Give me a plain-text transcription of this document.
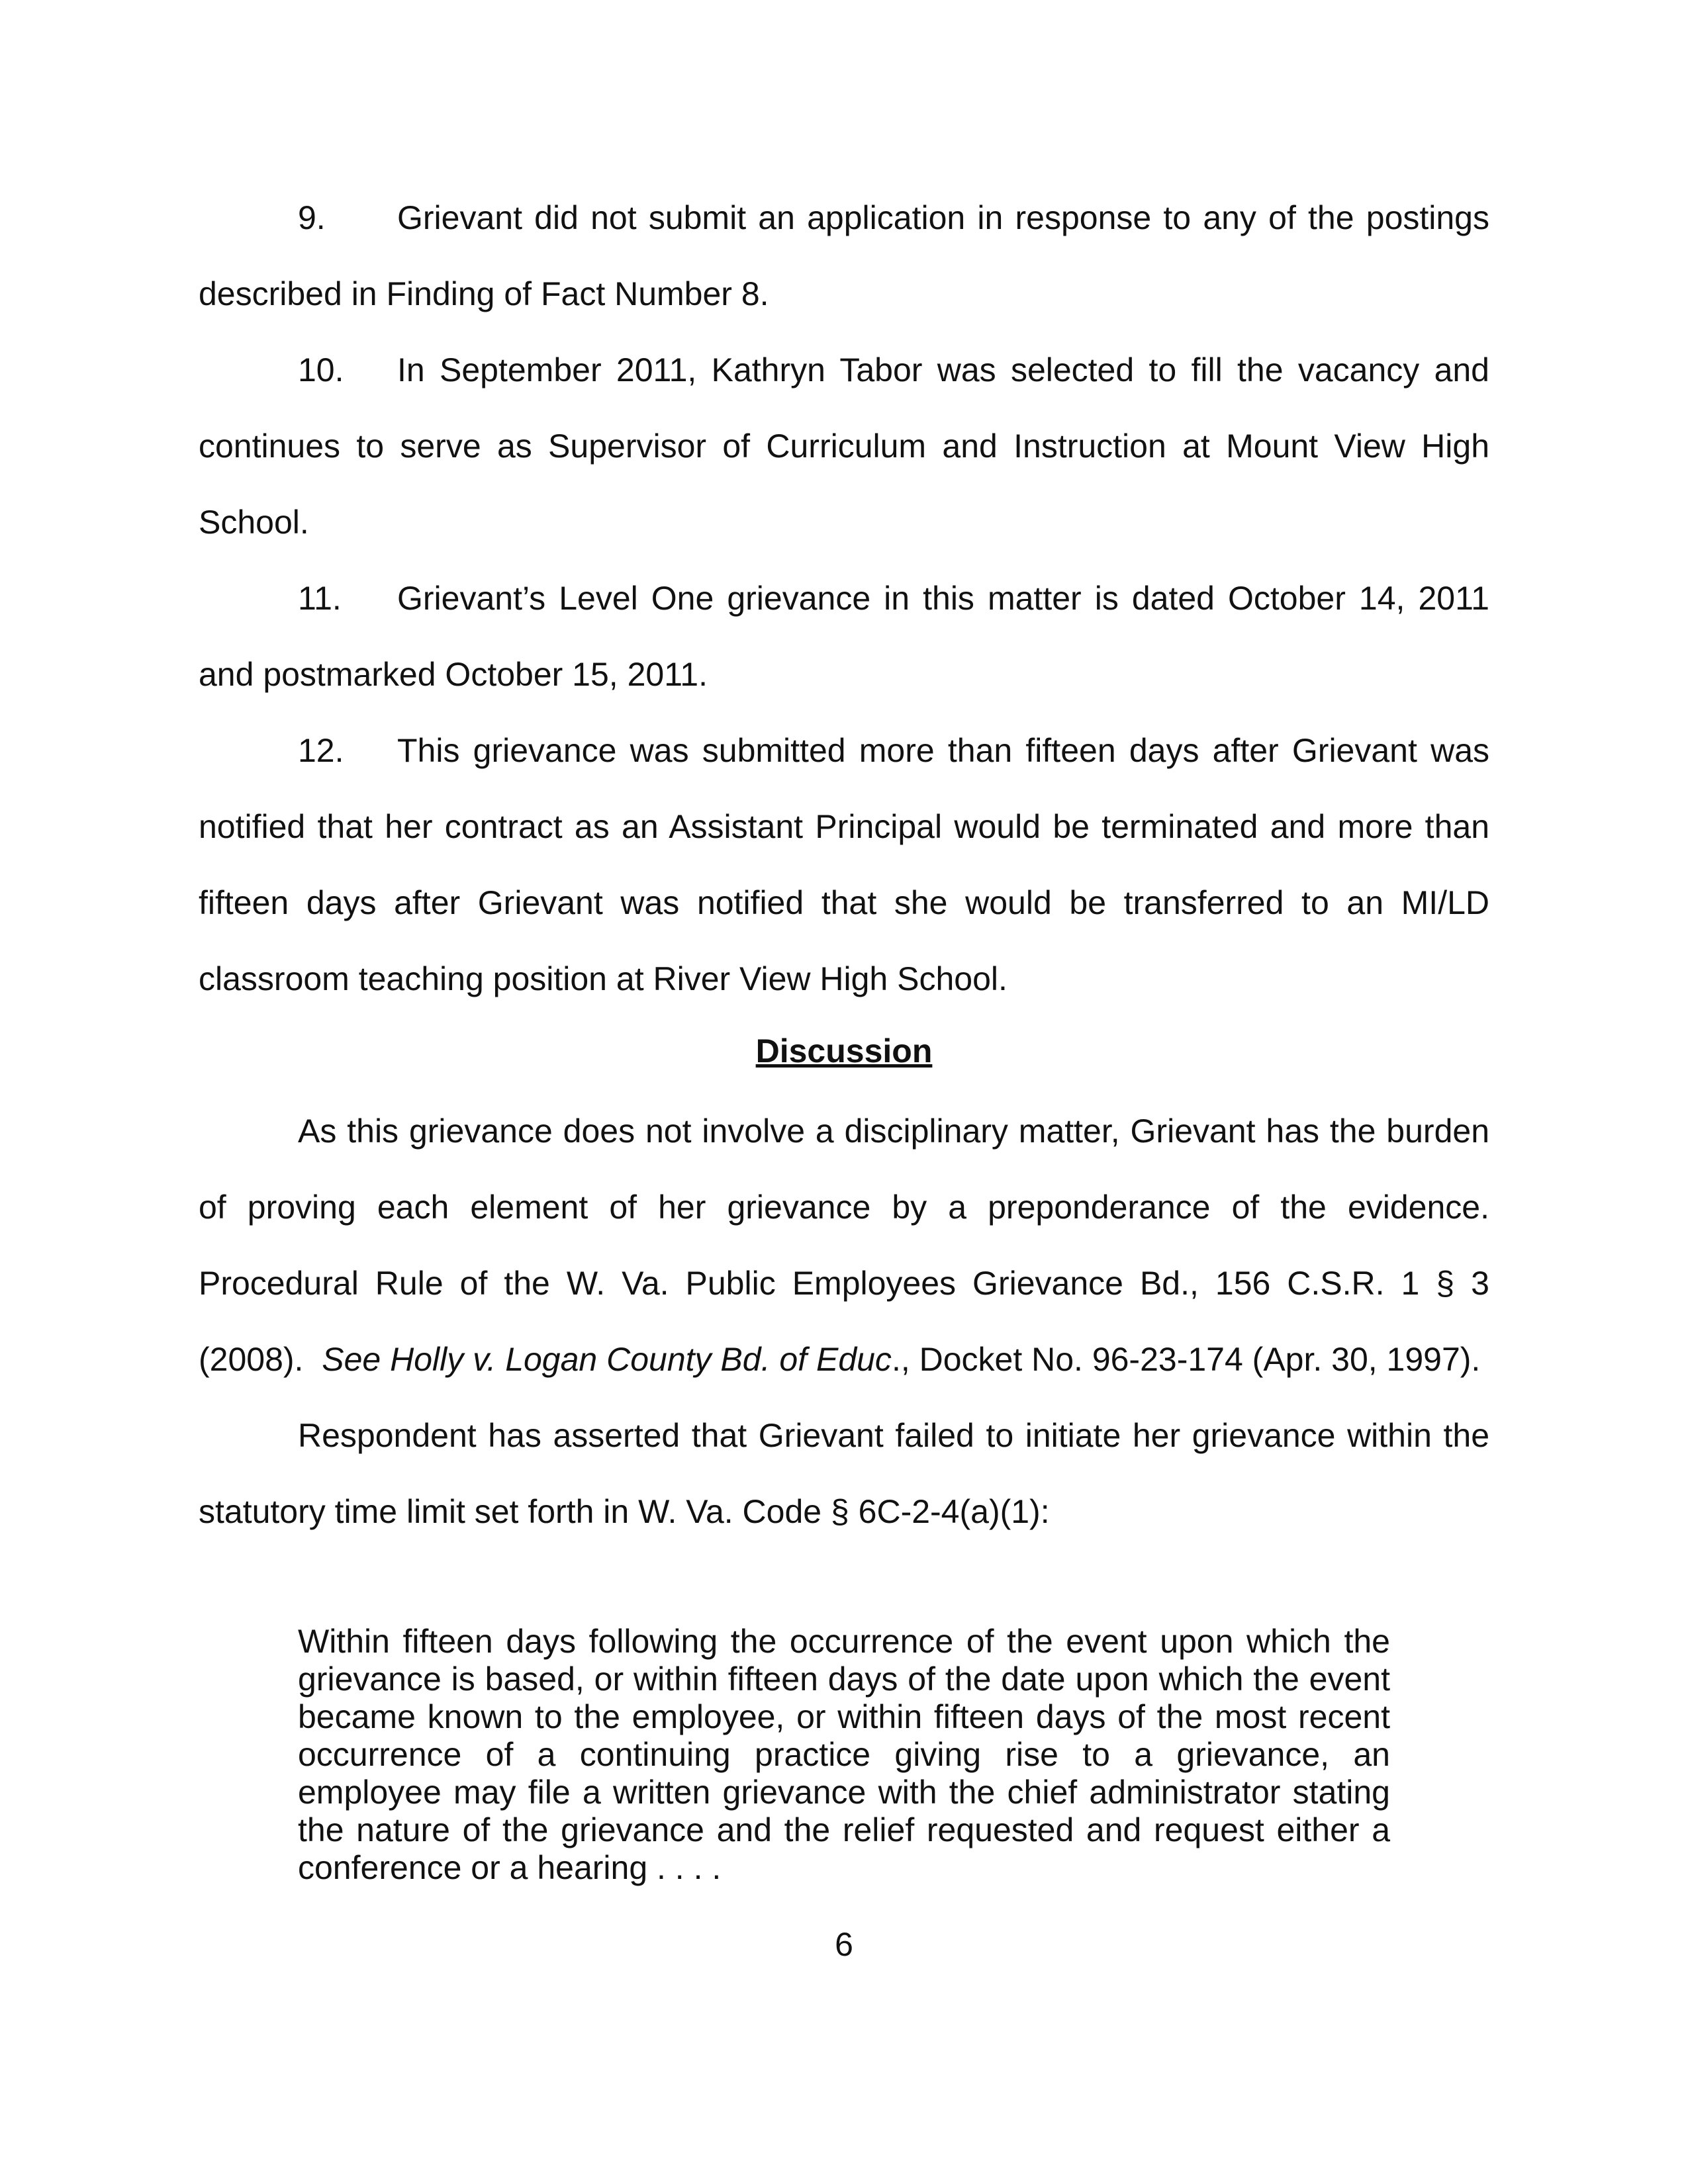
9. Grievant did not submit an application in response to any of the postings described in Finding of Fact Number 8.

10. In September 2011, Kathryn Tabor was selected to fill the vacancy and continues to serve as Supervisor of Curriculum and Instruction at Mount View High School.

11. Grievant’s Level One grievance in this matter is dated October 14, 2011 and postmarked October 15, 2011.

12. This grievance was submitted more than fifteen days after Grievant was notified that her contract as an Assistant Principal would be terminated and more than fifteen days after Grievant was notified that she would be transferred to an MI/LD classroom teaching position at River View High School.

Discussion

As this grievance does not involve a disciplinary matter, Grievant has the burden of proving each element of her grievance by a preponderance of the evidence. Procedural Rule of the W. Va. Public Employees Grievance Bd., 156 C.S.R. 1 § 3 (2008). See Holly v. Logan County Bd. of Educ., Docket No. 96-23-174 (Apr. 30, 1997).

Respondent has asserted that Grievant failed to initiate her grievance within the statutory time limit set forth in W. Va. Code § 6C-2-4(a)(1):

Within fifteen days following the occurrence of the event upon which the grievance is based, or within fifteen days of the date upon which the event became known to the employee, or within fifteen days of the most recent occurrence of a continuing practice giving rise to a grievance, an employee may file a written grievance with the chief administrator stating the nature of the grievance and the relief requested and request either a conference or a hearing . . . .

6
